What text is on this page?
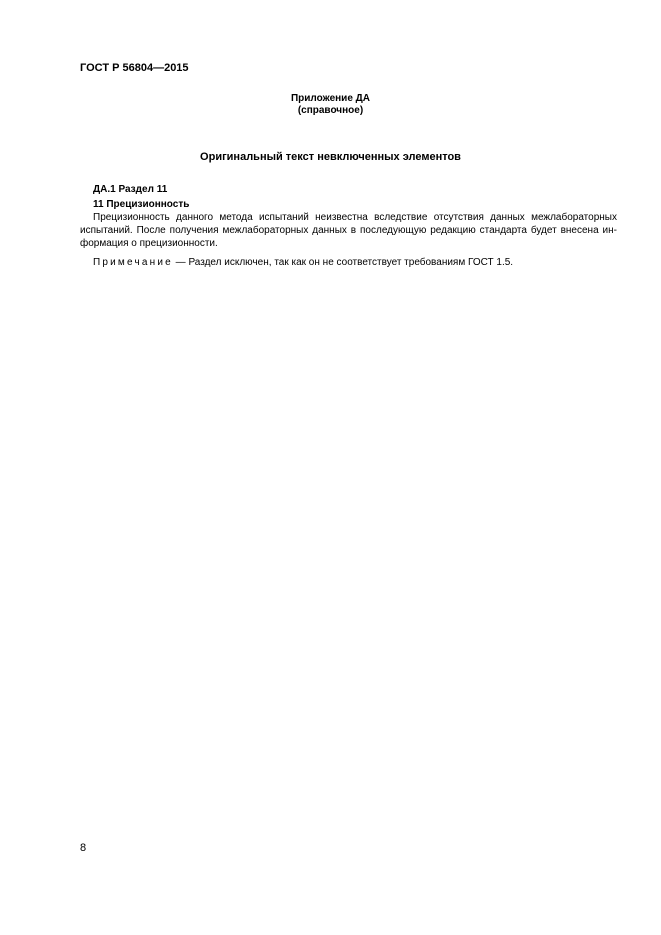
ГОСТ Р 56804—2015
Приложение ДА
(справочное)
Оригинальный текст невключенных элементов
ДА.1 Раздел 11
11 Прецизионность
Прецизионность данного метода испытаний неизвестна вследствие отсутствия данных межлабораторных
испытаний. После получения межлабораторных данных в последующую редакцию стандарта будет внесена ин-
формация о прецизионности.
Примечание — Раздел исключен, так как он не соответствует требованиям ГОСТ 1.5.
8
